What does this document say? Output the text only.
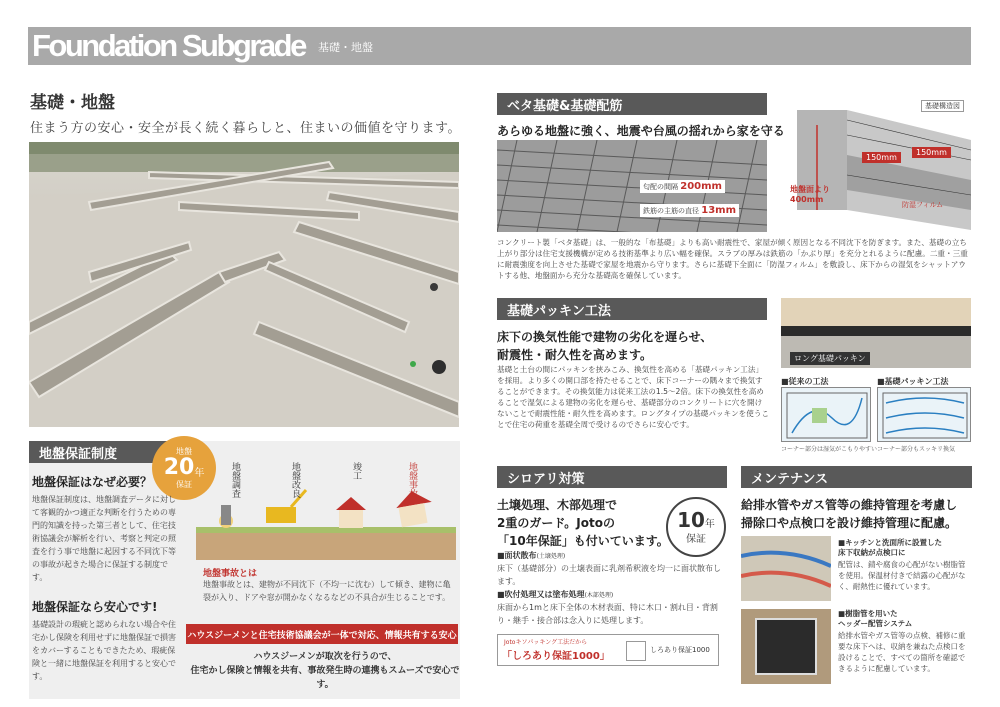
Foundation Subgrade 基礎・地盤
基礎・地盤
住まう方の安心・安全が長く続く暮らしと、住まいの価値を守ります。
地盤保証制度	地盤
20 年
保証
地盤保証はなぜ必要？
地盤保証制度は、地盤調査データに対して客観的かつ適正な判断を行うための専門的知識を持った第三者として、住宅技術協議会が解析を行い、考察と判定の照査を行う事で地盤に起因する不同沈下等の事故が起きた場合に保証する制度です。
地盤保証なら安心です!
基礎設計の瑕疵と認められない場合や住宅かし保険を利用せずに地盤保証で損害をカバーすることもできたため、瑕疵保険と一緒に地盤保証を利用すると安心です。
地盤調査	地盤改良	竣工	地盤事故
地盤事故とは
地盤事故とは、建物が不同沈下（不均一に沈む）して傾き、建物に亀裂が入り、ドアや窓が開かなくなるなどの不具合が生じることです。
ハウスジーメンと住宅技術協議会が一体で対応、情報共有する安心
ハウスジーメンが取次を行うので、
住宅かし保険と情報を共有、事故発生時の連携もスムーズで安心です。
ベタ基礎&基礎配筋
あらゆる地盤に強く、地震や台風の揺れから家を守る
匂配の間隔 200mm
鉄筋の主筋の直径 13mm
基礎構造図
150mm
150mm
地盤面より
400mm
防湿フィルム
コンクリート製「ベタ基礎」は、一般的な「布基礎」よりも高い耐震性で、家屋が傾く原因となる不同沈下を防ぎます。また、基礎の立ち上がり部分は住宅支援機構が定める技術基準より広い幅を確保。スラブの厚みは鉄筋の「かぶり厚」を充分とれるように配慮。二重・三重に耐震強度を向上させた基礎で家屋を地震から守ります。さらに基礎下全面に「防湿フィルム」を敷設し、床下からの湿気をシャットアウトする他、地盤面から充分な基礎高を確保しています。
基礎パッキン工法
床下の換気性能で建物の劣化を遅らせ、
耐震性・耐久性を高めます。
基礎と土台の間にパッキンを挟みこみ、換気性を高める「基礎パッキン工法」を採用。より多くの開口部を持たせることで、床下コーナーの隅々まで換気することができます。その換気能力は従来工法の1.5〜2倍。床下の換気性を高めることで湿気による建物の劣化を遅らせ、基礎部分のコンクリートに穴を開けないことで耐震性能・耐久性を高めます。ロングタイプの基礎パッキンを使うことで住宅の荷重を基礎全周で受けるのでさらに安心です。
ロング基礎パッキン
■従来の工法	■基礎パッキン工法
コーナー部分は湿気がこもりやすい コーナー部分もスッキリ換気
シロアリ対策
土壌処理、木部処理で
2重のガード。Jotoの
「10年保証」も付いています。
10 年
保証
■面状散布(土壌処理)
床下（基礎部分）の土壌表面に乳剤希釈液を均一に面状散布します。
■吹付処理又は塗布処理(木部処理)
床面から1mと床下全体の木材表面、特に木口・割れ目・背割り・継手・接合部は念入りに処理します。
Jotoキソパッキング工法だから
「しろあり保証1000」
しろあり保証1000
メンテナンス
給排水管やガス管等の維持管理を考慮し
掃除口や点検口を設け維持管理に配慮。
■キッチンと洗面所に設置した
床下収納が点検口に
配管は、錆や腐食の心配がない樹脂管を使用。保温材付きで結露の心配がなく、耐熱性に優れています。
■樹脂管を用いた
ヘッダー配管システム
給排水管やガス管等の点検、補修に重要な床下へは、収納を兼ねた点検口を設けることで、すべての箇所を確認できるように配慮しています。
